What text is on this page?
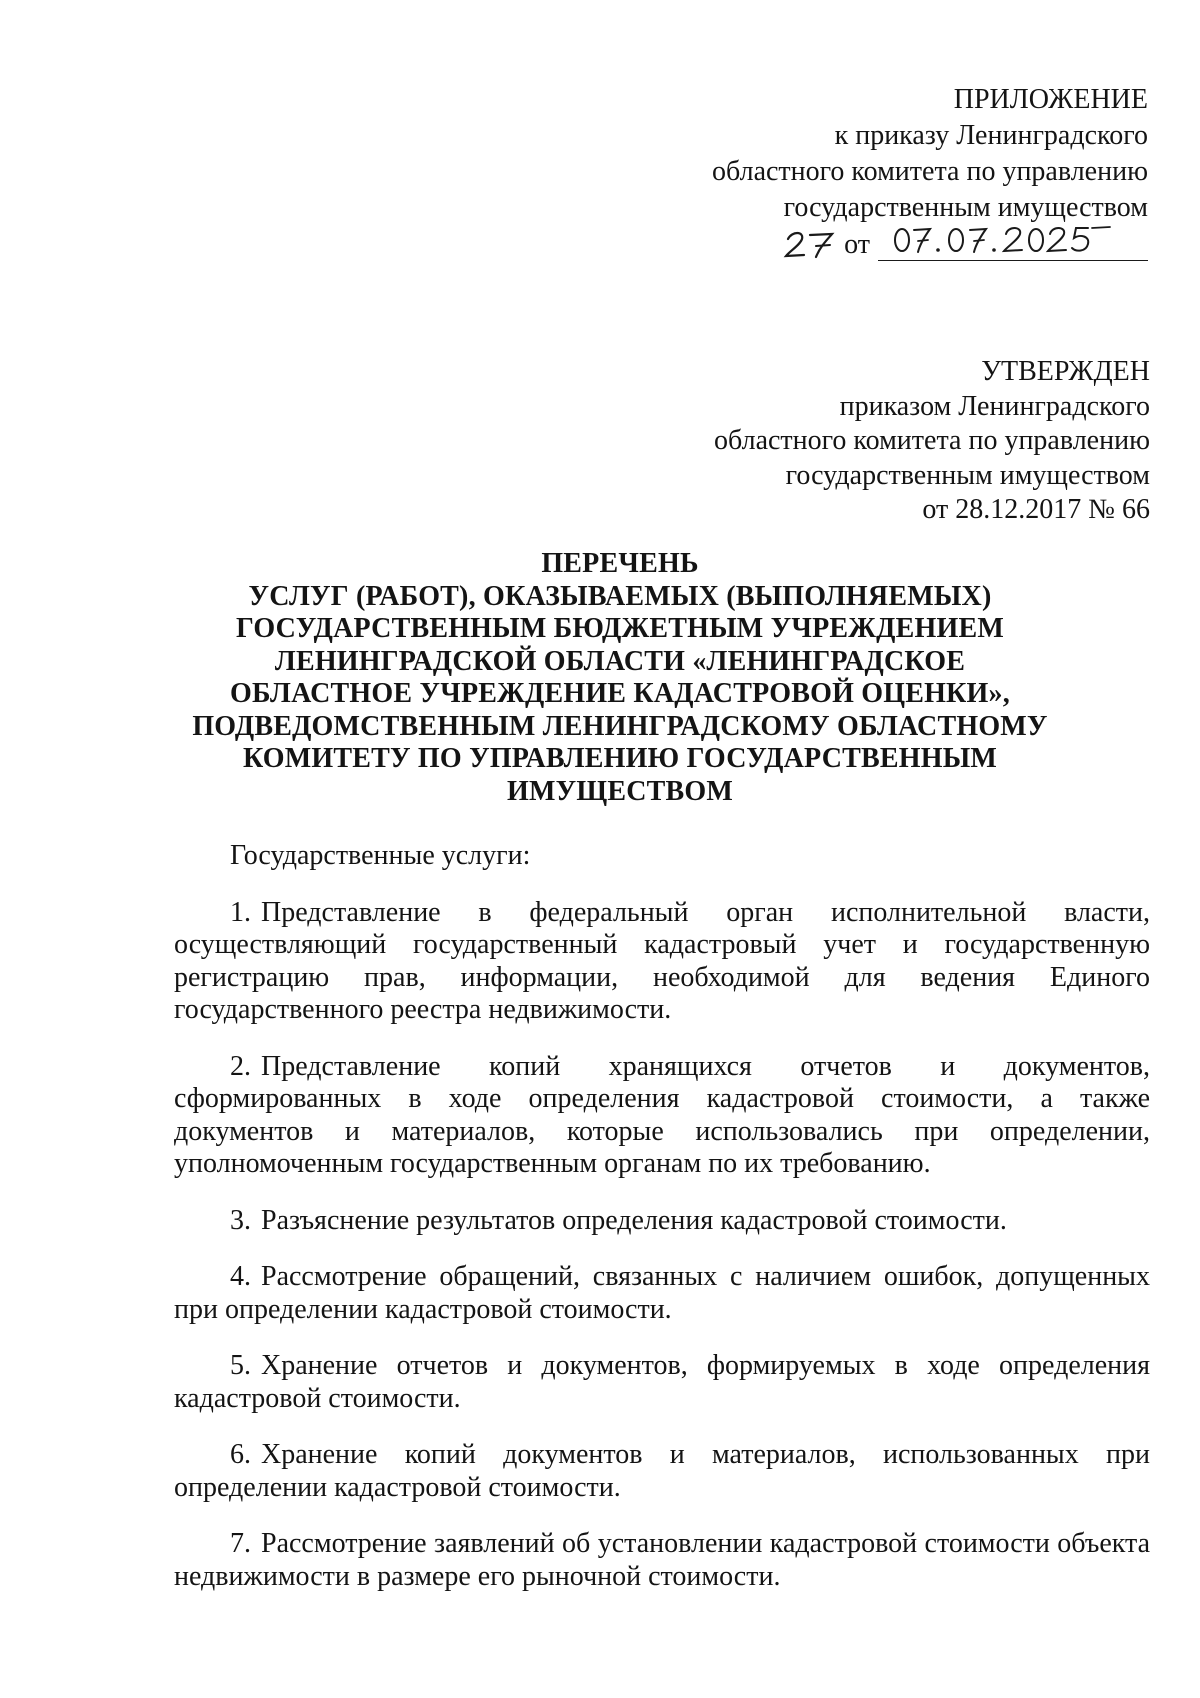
ПРИЛОЖЕНИЕ
к приказу Ленинградского
областного комитета по управлению
государственным имуществом
от
УТВЕРЖДЕН
приказом Ленинградского
областного комитета по управлению
государственным имуществом
от 28.12.2017 № 66
ПЕРЕЧЕНЬ
УСЛУГ (РАБОТ), ОКАЗЫВАЕМЫХ (ВЫПОЛНЯЕМЫХ)
ГОСУДАРСТВЕННЫМ БЮДЖЕТНЫМ УЧРЕЖДЕНИЕМ
ЛЕНИНГРАДСКОЙ ОБЛАСТИ «ЛЕНИНГРАДСКОЕ
ОБЛАСТНОЕ УЧРЕЖДЕНИЕ КАДАСТРОВОЙ ОЦЕНКИ»,
ПОДВЕДОМСТВЕННЫМ ЛЕНИНГРАДСКОМУ ОБЛАСТНОМУ
КОМИТЕТУ ПО УПРАВЛЕНИЮ ГОСУДАРСТВЕННЫМ
ИМУЩЕСТВОМ

Государственные услуги:

1. Представление в федеральный орган исполнительной власти, осуществляющий государственный кадастровый учет и государственную регистрацию прав, информации, необходимой для ведения Единого государственного реестра недвижимости.

2. Представление копий хранящихся отчетов и документов, сформированных в ходе определения кадастровой стоимости, а также документов и материалов, которые использовались при определении, уполномоченным государственным органам по их требованию.

3. Разъяснение результатов определения кадастровой стоимости.

4. Рассмотрение обращений, связанных с наличием ошибок, допущенных при определении кадастровой стоимости.

5. Хранение отчетов и документов, формируемых в ходе определения кадастровой стоимости.

6. Хранение копий документов и материалов, использованных при определении кадастровой стоимости.

7. Рассмотрение заявлений об установлении кадастровой стоимости объекта недвижимости в размере его рыночной стоимости.
